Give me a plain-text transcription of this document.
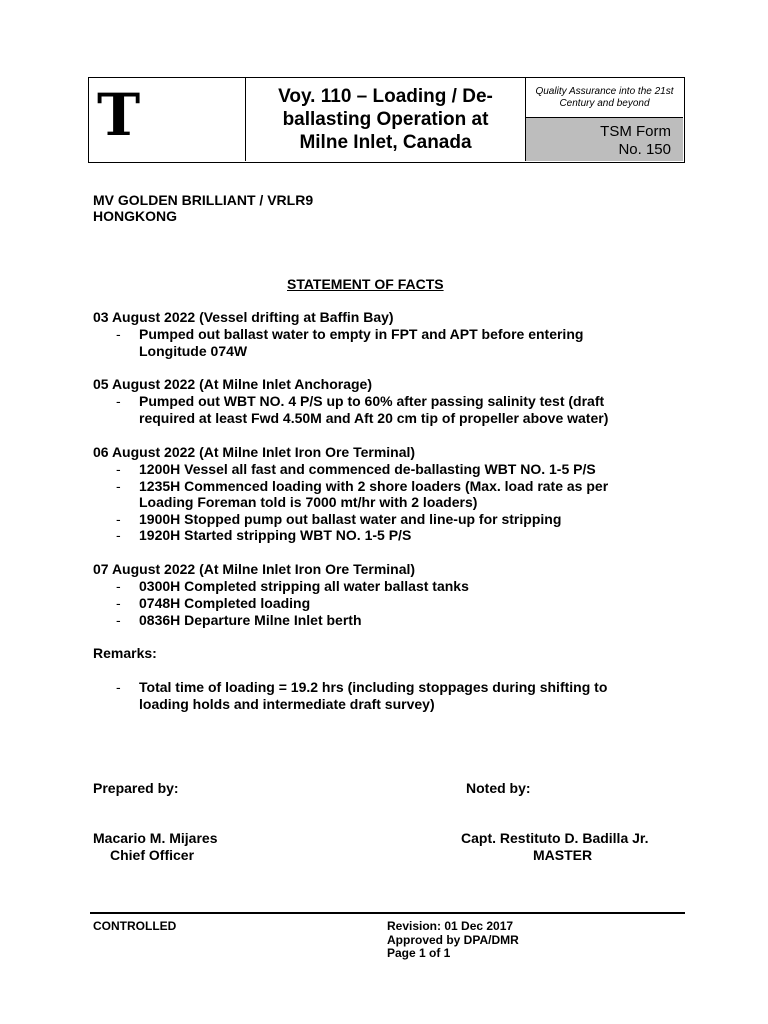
T	Voy. 110 – Loading / De-ballasting Operation at Milne Inlet, Canada
Quality Assurance into the 21st Century and beyond
TSM Form
No. 150
MV GOLDEN BRILLIANT / VRLR9
HONGKONG
STATEMENT OF FACTS
03 August 2022 (Vessel drifting at Baffin Bay)
- Pumped out ballast water to empty in FPT and APT before entering
Longitude 074W
05 August 2022 (At Milne Inlet Anchorage)
- Pumped out WBT NO. 4 P/S up to 60% after passing salinity test (draft
required at least Fwd 4.50M and Aft 20 cm tip of propeller above water)
06 August 2022 (At Milne Inlet Iron Ore Terminal)
- 1200H Vessel all fast and commenced de-ballasting WBT NO. 1-5 P/S
- 1235H Commenced loading with 2 shore loaders (Max. load rate as per
Loading Foreman told is 7000 mt/hr with 2 loaders)
- 1900H Stopped pump out ballast water and line-up for stripping
- 1920H Started stripping WBT NO. 1-5 P/S
07 August 2022 (At Milne Inlet Iron Ore Terminal)
- 0300H Completed stripping all water ballast tanks
- 0748H Completed loading
- 0836H Departure Milne Inlet berth
Remarks:
- Total time of loading = 19.2 hrs (including stoppages during shifting to
loading holds and intermediate draft survey)
Prepared by:	Noted by:
Macario M. Mijares
Chief Officer
Capt. Restituto D. Badilla Jr.
MASTER
CONTROLLED	Revision: 01 Dec 2017
Approved by DPA/DMR
Page 1 of 1
